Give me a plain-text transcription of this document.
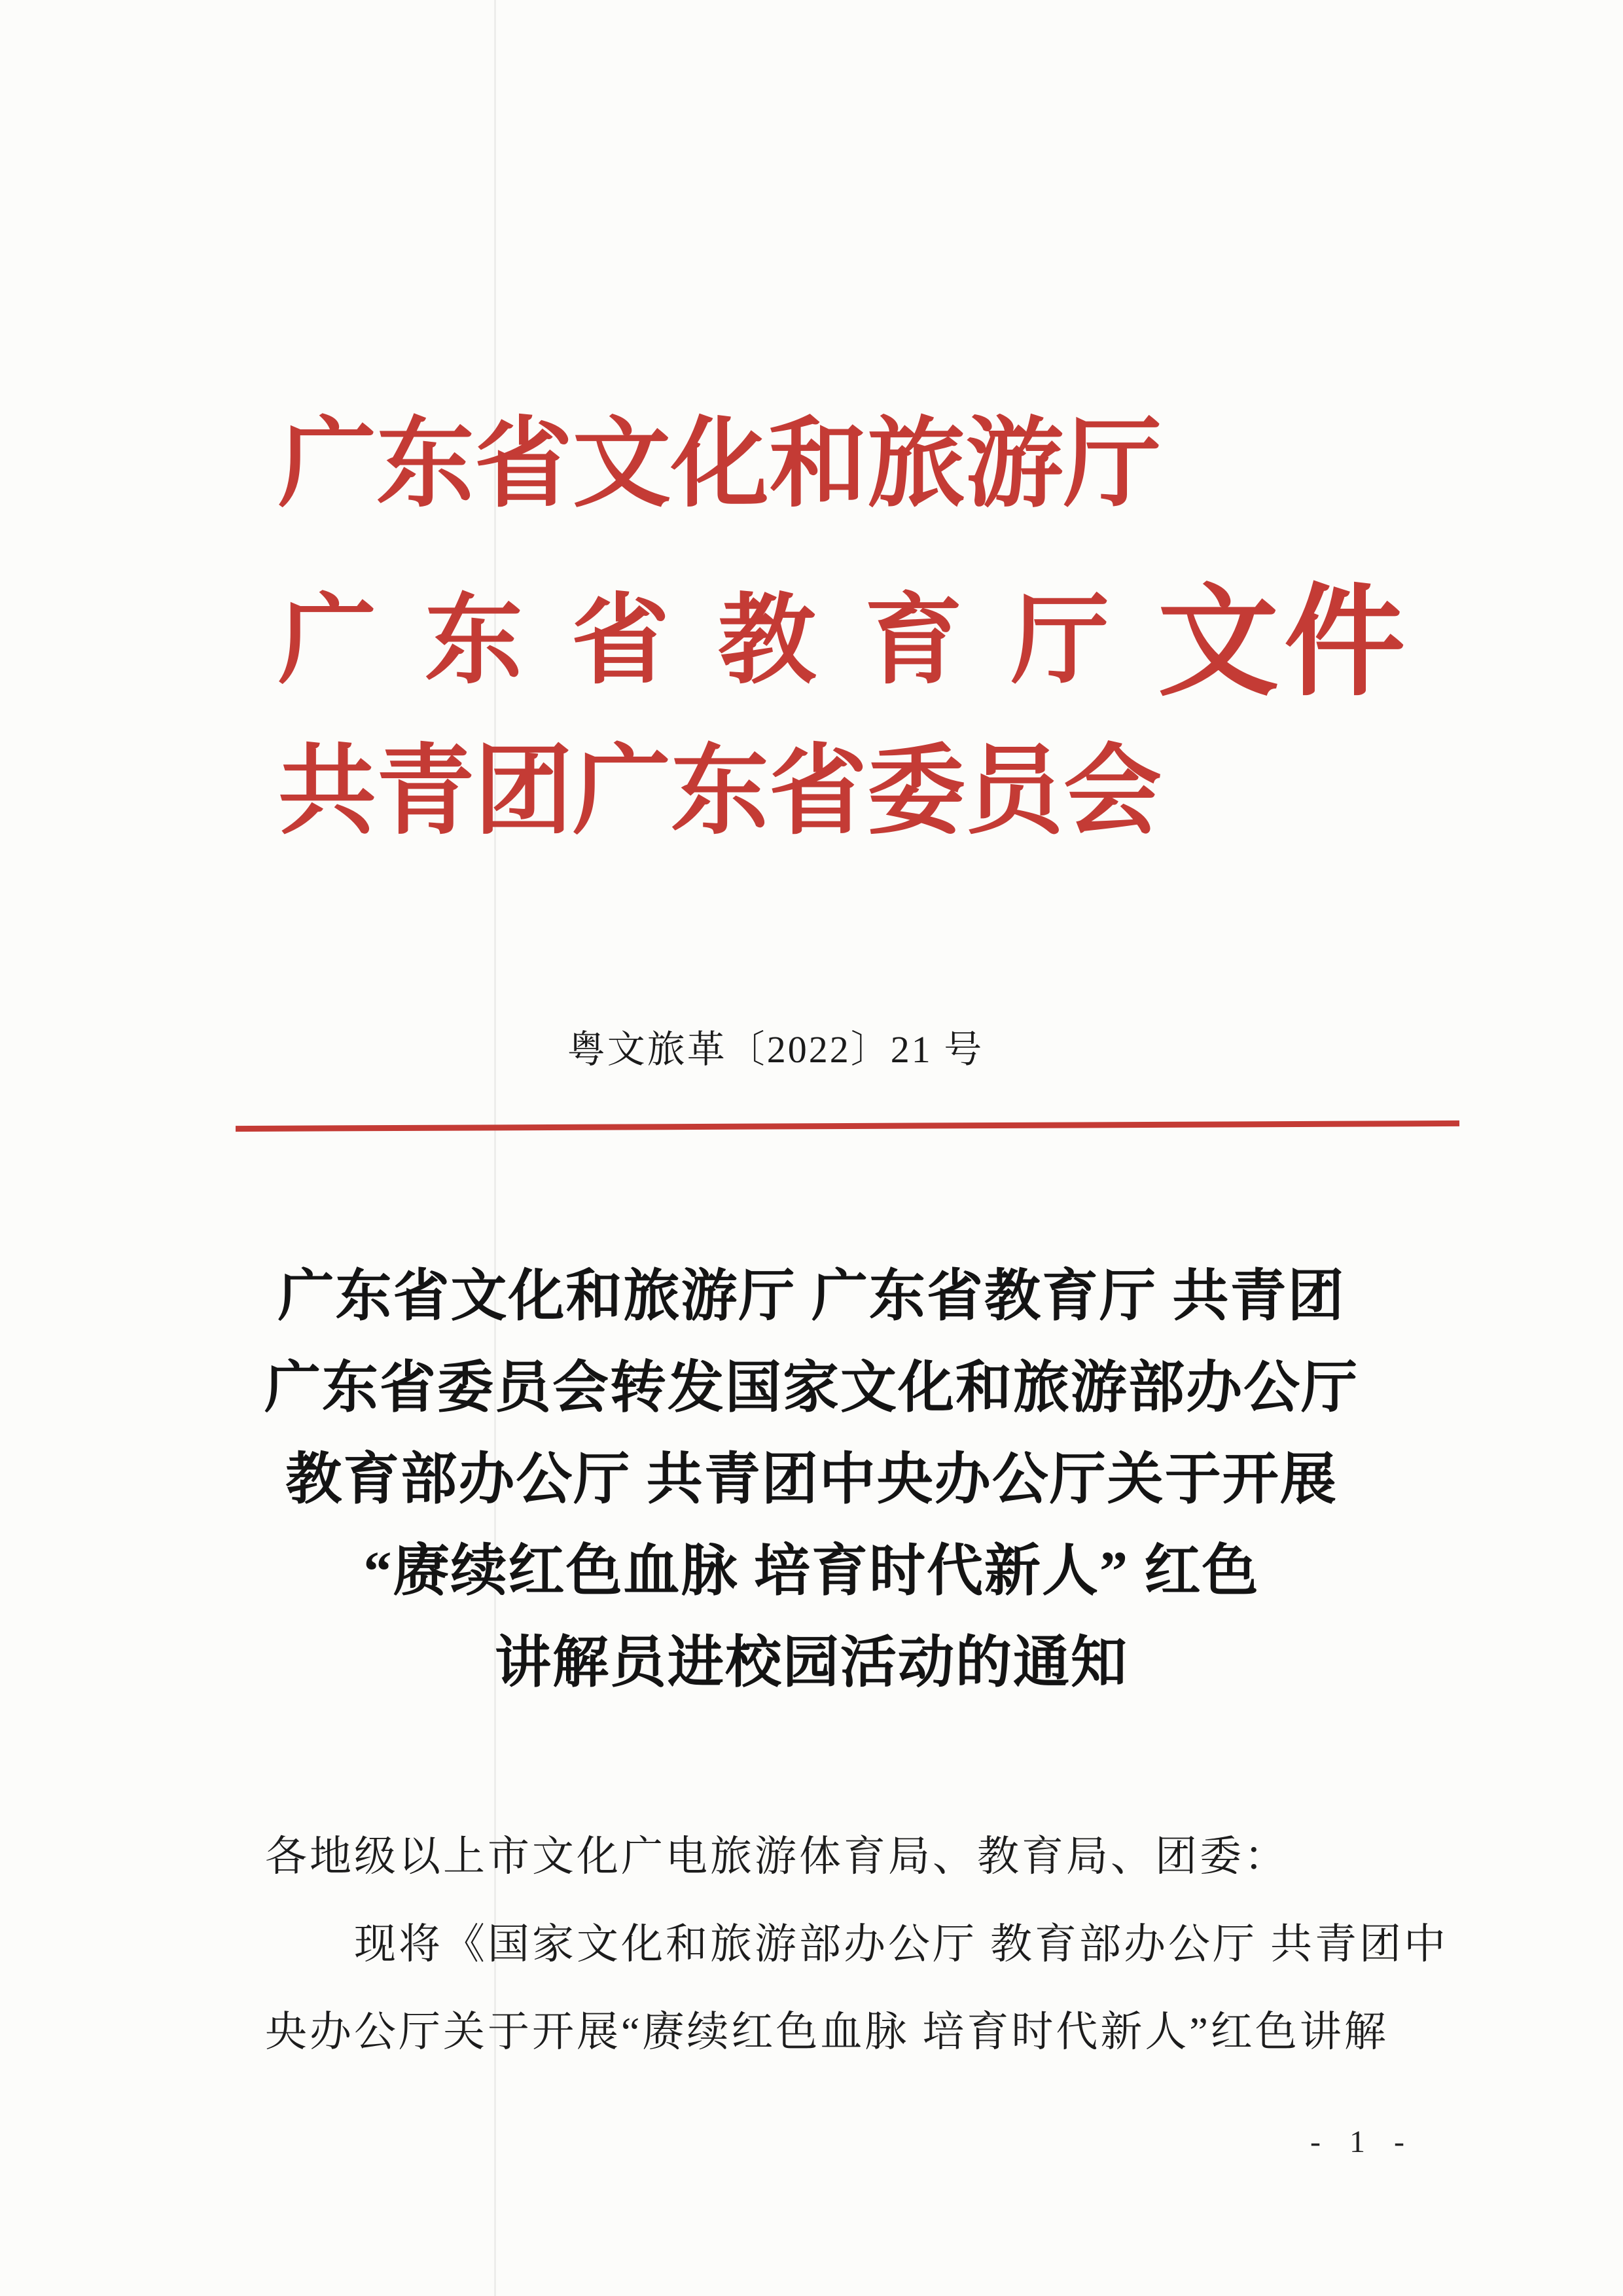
广东省文化和旅游厅
广东省教育厅 文件
共青团广东省委员会
粤文旅革〔2022〕21 号
广东省文化和旅游厅 广东省教育厅 共青团
广东省委员会转发国家文化和旅游部办公厅
教育部办公厅 共青团中央办公厅关于开展
“赓续红色血脉 培育时代新人” 红色
讲解员进校园活动的通知

各地级以上市文化广电旅游体育局、教育局、团委：

现将《国家文化和旅游部办公厅 教育部办公厅 共青团中

央办公厅关于开展“赓续红色血脉 培育时代新人”红色讲解

- 1 -
